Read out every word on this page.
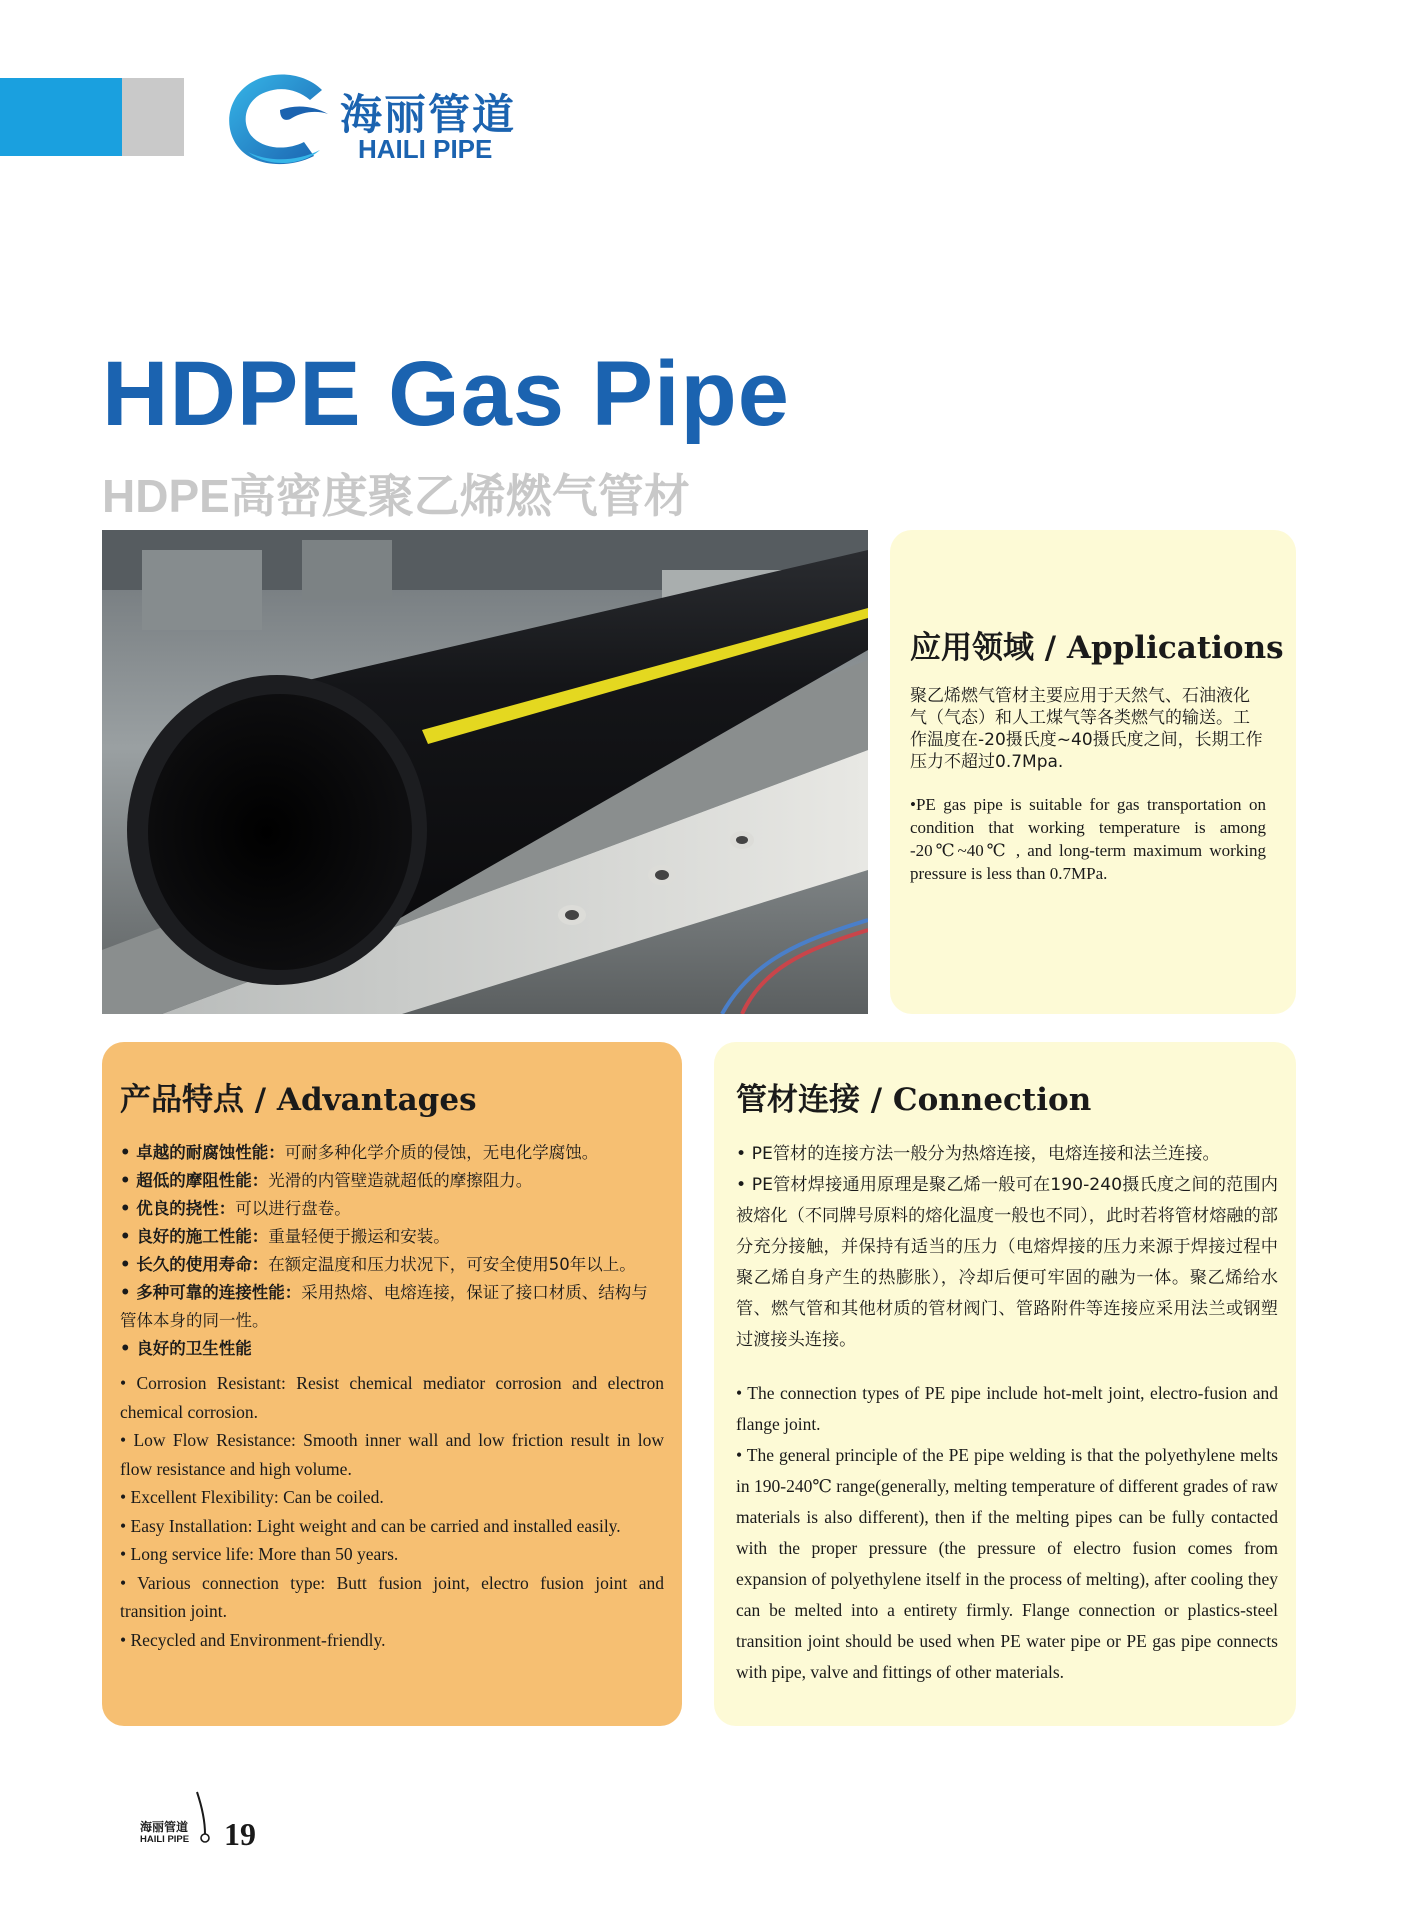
海丽管道
HAILI PIPE
HDPE Gas Pipe
HDPE高密度聚乙烯燃气管材
应用领域 / Applications
聚乙烯燃气管材主要应用于天然气、石油液化气（气态）和人工煤气等各类燃气的输送。工作温度在-20摄氏度~40摄氏度之间，长期工作压力不超过0.7Mpa.
•PE gas pipe is suitable for gas transportation on condition that working temperature is among -20℃~40℃ , and long-term maximum working pressure is less than 0.7MPa.
产品特点 / Advantages
• 卓越的耐腐蚀性能：可耐多种化学介质的侵蚀，无电化学腐蚀。
• 超低的摩阻性能：光滑的内管壁造就超低的摩擦阻力。
• 优良的挠性：可以进行盘卷。
• 良好的施工性能：重量轻便于搬运和安装。
• 长久的使用寿命：在额定温度和压力状况下，可安全使用50年以上。
• 多种可靠的连接性能：采用热熔、电熔连接，保证了接口材质、结构与管体本身的同一性。
• 良好的卫生性能
• Corrosion Resistant: Resist chemical mediator corrosion and electron chemical corrosion.
• Low Flow Resistance: Smooth inner wall and low friction result in low flow resistance and high volume.
• Excellent Flexibility: Can be coiled.
• Easy Installation: Light weight and can be carried and installed easily.
• Long service life: More than 50 years.
• Various connection type: Butt fusion joint, electro fusion joint and transition joint.
• Recycled and Environment-friendly.
管材连接 / Connection
• PE管材的连接方法一般分为热熔连接，电熔连接和法兰连接。
• PE管材焊接通用原理是聚乙烯一般可在190-240摄氏度之间的范围内被熔化（不同牌号原料的熔化温度一般也不同），此时若将管材熔融的部分充分接触，并保持有适当的压力（电熔焊接的压力来源于焊接过程中聚乙烯自身产生的热膨胀），冷却后便可牢固的融为一体。聚乙烯给水管、燃气管和其他材质的管材阀门、管路附件等连接应采用法兰或钢塑过渡接头连接。
• The connection types of PE pipe include hot-melt joint, electro-fusion and flange joint.
• The general principle of the PE pipe welding is that the polyethylene melts in 190-240℃ range(generally, melting temperature of different grades of raw materials is also different), then if the melting pipes can be fully contacted with the proper pressure (the pressure of electro fusion comes from expansion of polyethylene itself in the process of melting), after cooling they can be melted into a entirety firmly. Flange connection or plastics-steel transition joint should be used when PE water pipe or PE gas pipe connects with pipe, valve and fittings of other materials.
海丽管道
HAILI PIPE 19
